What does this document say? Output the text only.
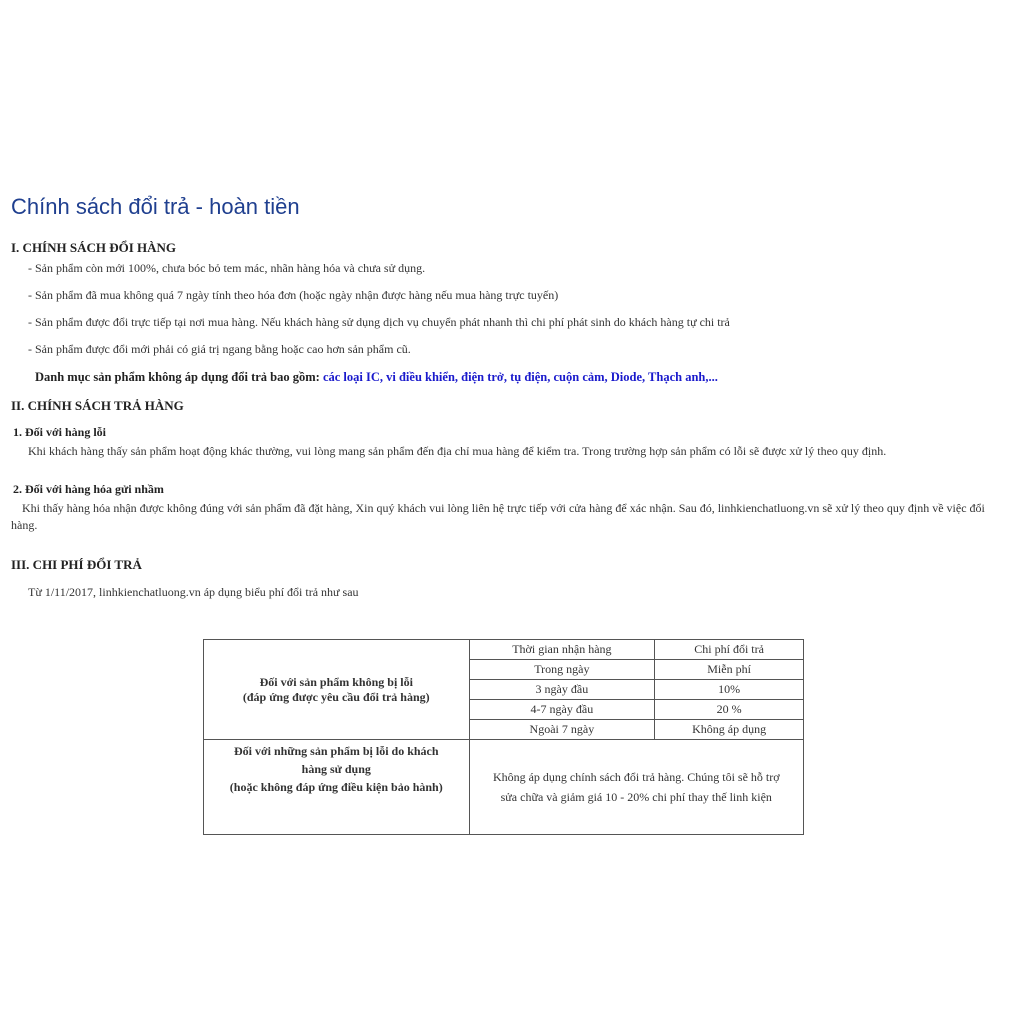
Chính sách đổi trả - hoàn tiền
I. CHÍNH SÁCH ĐỔI HÀNG
- Sản phẩm còn mới 100%, chưa bóc bỏ tem mác, nhãn hàng hóa và chưa sử dụng.
- Sản phẩm đã mua không quá 7 ngày tính theo hóa đơn (hoặc ngày nhận được hàng nếu mua hàng trực tuyến)
- Sản phẩm được đổi trực tiếp tại nơi mua hàng. Nếu khách hàng sử dụng dịch vụ chuyển phát nhanh thì chi phí phát sinh do khách hàng tự chi trả
- Sản phẩm được đổi mới phải có giá trị ngang bằng hoặc cao hơn sản phẩm cũ.
Danh mục sản phẩm không áp dụng đổi trả bao gồm: các loại IC, vi điều khiển, điện trở, tụ điện, cuộn cảm, Diode, Thạch anh,...
II. CHÍNH SÁCH TRẢ HÀNG
1. Đối với hàng lỗi
Khi khách hàng thấy sản phẩm hoạt động khác thường, vui lòng mang sản phẩm đến địa chỉ mua hàng để kiểm tra. Trong trường hợp sản phẩm có lỗi sẽ được xử lý theo quy định.
2. Đối với hàng hóa gửi nhầm
Khi thấy hàng hóa nhận được không đúng với sản phẩm đã đặt hàng, Xin quý khách vui lòng liên hệ trực tiếp với cửa hàng để xác nhận. Sau đó, linhkienchatluong.vn sẽ xử lý theo quy định về việc đổi hàng.
III. CHI PHÍ ĐỔI TRẢ
Từ 1/11/2017, linhkienchatluong.vn áp dụng biểu phí đổi trả như sau
Đối với sản phẩm không bị lỗi
(đáp ứng được yêu cầu đổi trả hàng)	Thời gian nhận hàng	Chi phí đổi trả
	Trong ngày	Miễn phí
	3 ngày đầu	10%
	4-7 ngày đầu	20 %
	Ngoài 7 ngày	Không áp dụng
Đối với những sản phẩm bị lỗi do khách
hàng sử dụng
(hoặc không đáp ứng điều kiện bảo hành)	Không áp dụng chính sách đổi trả hàng. Chúng tôi sẽ hỗ trợ
sửa chữa và giảm giá 10 - 20% chi phí thay thế linh kiện	
